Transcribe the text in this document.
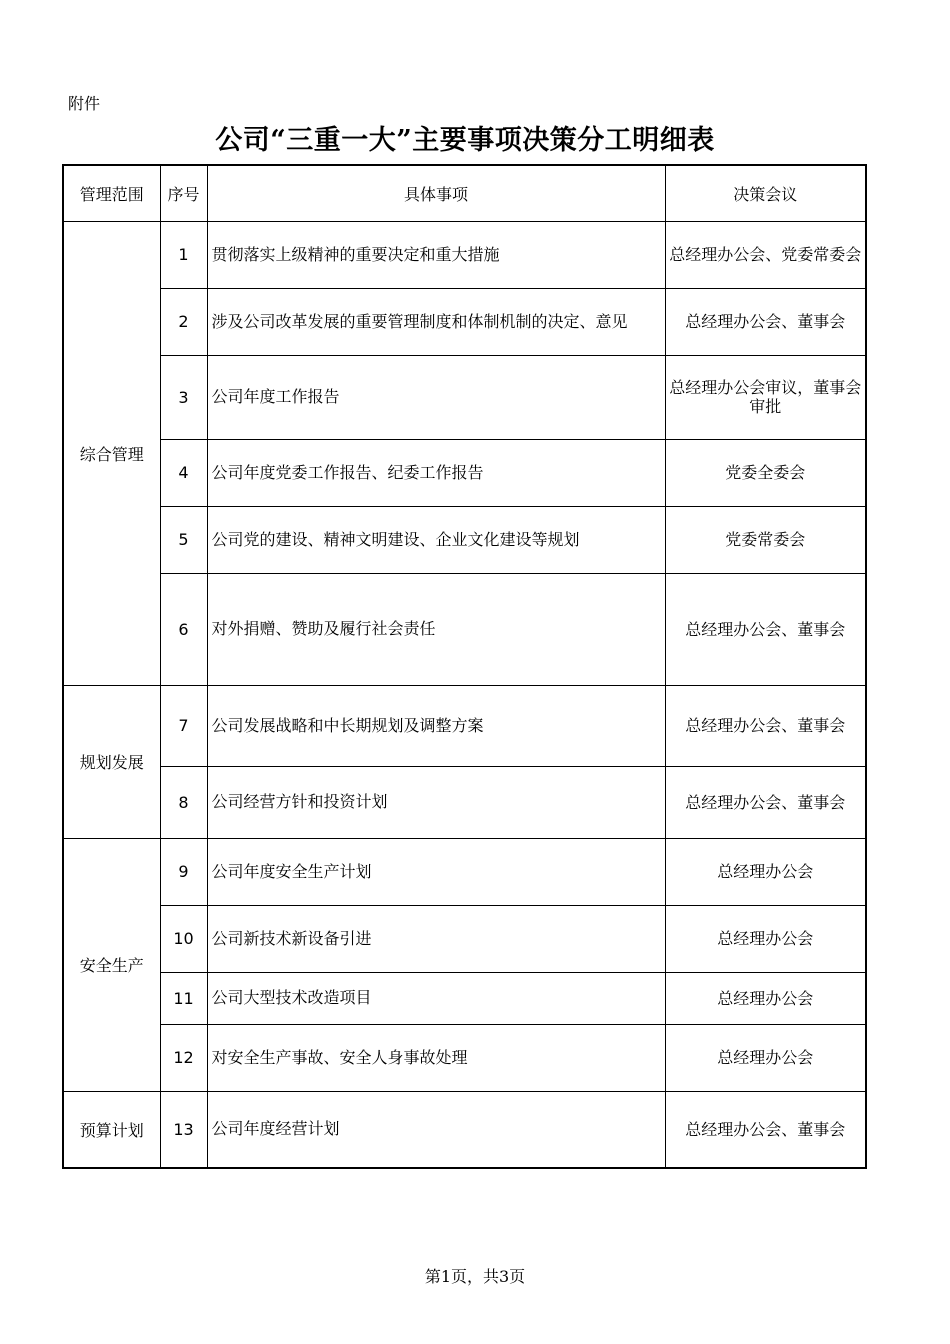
附件
公司“三重一大”主要事项决策分工明细表
管理范围	序号	具体事项	决策会议
综合管理	1	贯彻落实上级精神的重要决定和重大措施	总经理办公会、党委常委会
	2	涉及公司改革发展的重要管理制度和体制机制的决定、意见	总经理办公会、董事会
	3	公司年度工作报告	总经理办公会审议，董事会审批
	4	公司年度党委工作报告、纪委工作报告	党委全委会
	5	公司党的建设、精神文明建设、企业文化建设等规划	党委常委会
	6	对外捐赠、赞助及履行社会责任	总经理办公会、董事会
规划发展	7	公司发展战略和中长期规划及调整方案	总经理办公会、董事会
	8	公司经营方针和投资计划	总经理办公会、董事会
安全生产	9	公司年度安全生产计划	总经理办公会
	10	公司新技术新设备引进	总经理办公会
	11	公司大型技术改造项目	总经理办公会
	12	对安全生产事故、安全人身事故处理	总经理办公会
预算计划	13	公司年度经营计划	总经理办公会、董事会
第1页，共3页
